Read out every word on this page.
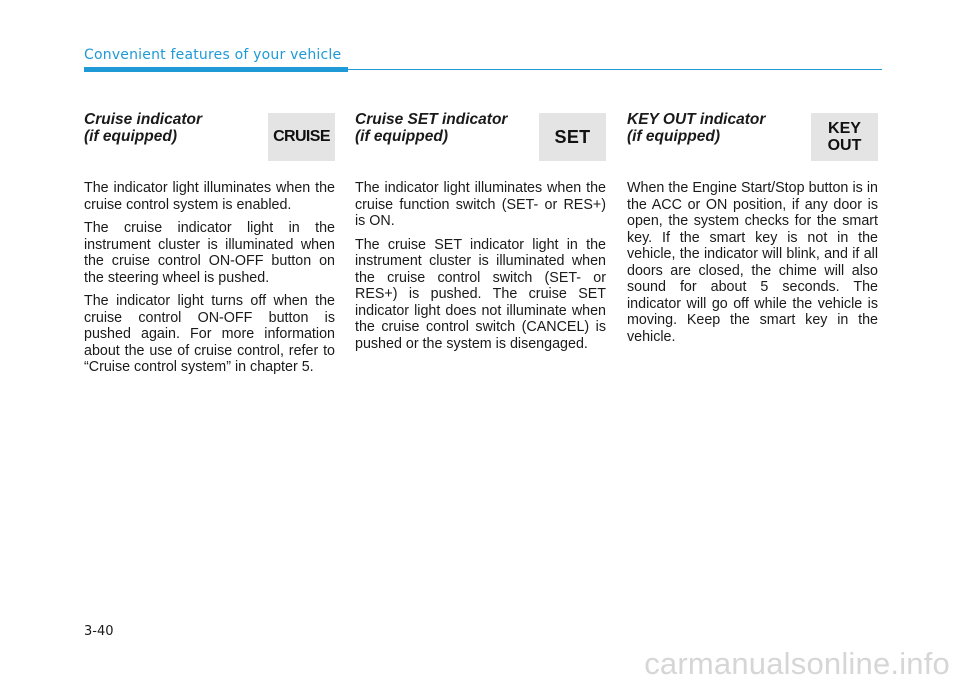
Convenient features of your vehicle
Cruise indicator
(if equipped)	CRUISE

The indicator light illuminates when the cruise control system is enabled.

The cruise indicator light in the instrument cluster is illuminated when the cruise control ON-OFF button on the steering wheel is pushed.

The indicator light turns off when the cruise control ON-OFF button is pushed again. For more information about the use of cruise control, refer to “Cruise control system” in chapter 5.

Cruise SET indicator
(if equipped)	SET

The indicator light illuminates when the cruise function switch (SET- or RES+) is ON.

The cruise SET indicator light in the instrument cluster is illuminated when the cruise control switch (SET- or RES+) is pushed. The cruise SET indicator light does not illuminate when the cruise control switch (CANCEL) is pushed or the system is disengaged.

KEY OUT indicator
(if equipped)	KEY
OUT

When the Engine Start/Stop button is in the ACC or ON position, if any door is open, the system checks for the smart key. If the smart key is not in the vehicle, the indicator will blink, and if all doors are closed, the chime will also sound for about 5 seconds. The indicator will go off while the vehicle is moving. Keep the smart key in the vehicle.

3-40
carmanualsonline.info
